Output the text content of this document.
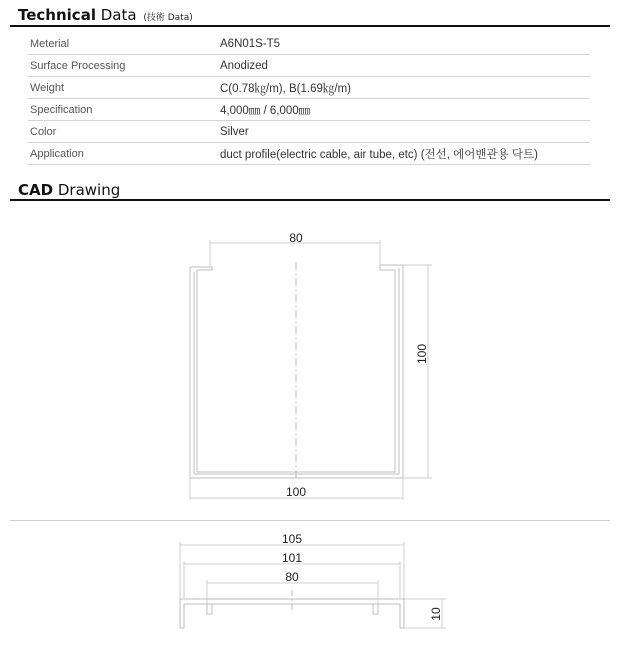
Technical Data (技術 Data)
Meterial	A6N01S-T5
Surface Processing	Anodized
Weight	C(0.78㎏/m), B(1.69㎏/m)
Specification	4,000㎜ / 6,000㎜
Color	Silver
Application	duct profile(electric cable, air tube, etc) (전선, 에어밴관용 닥트)
CAD Drawing
80
100
100
105
101
80
10
